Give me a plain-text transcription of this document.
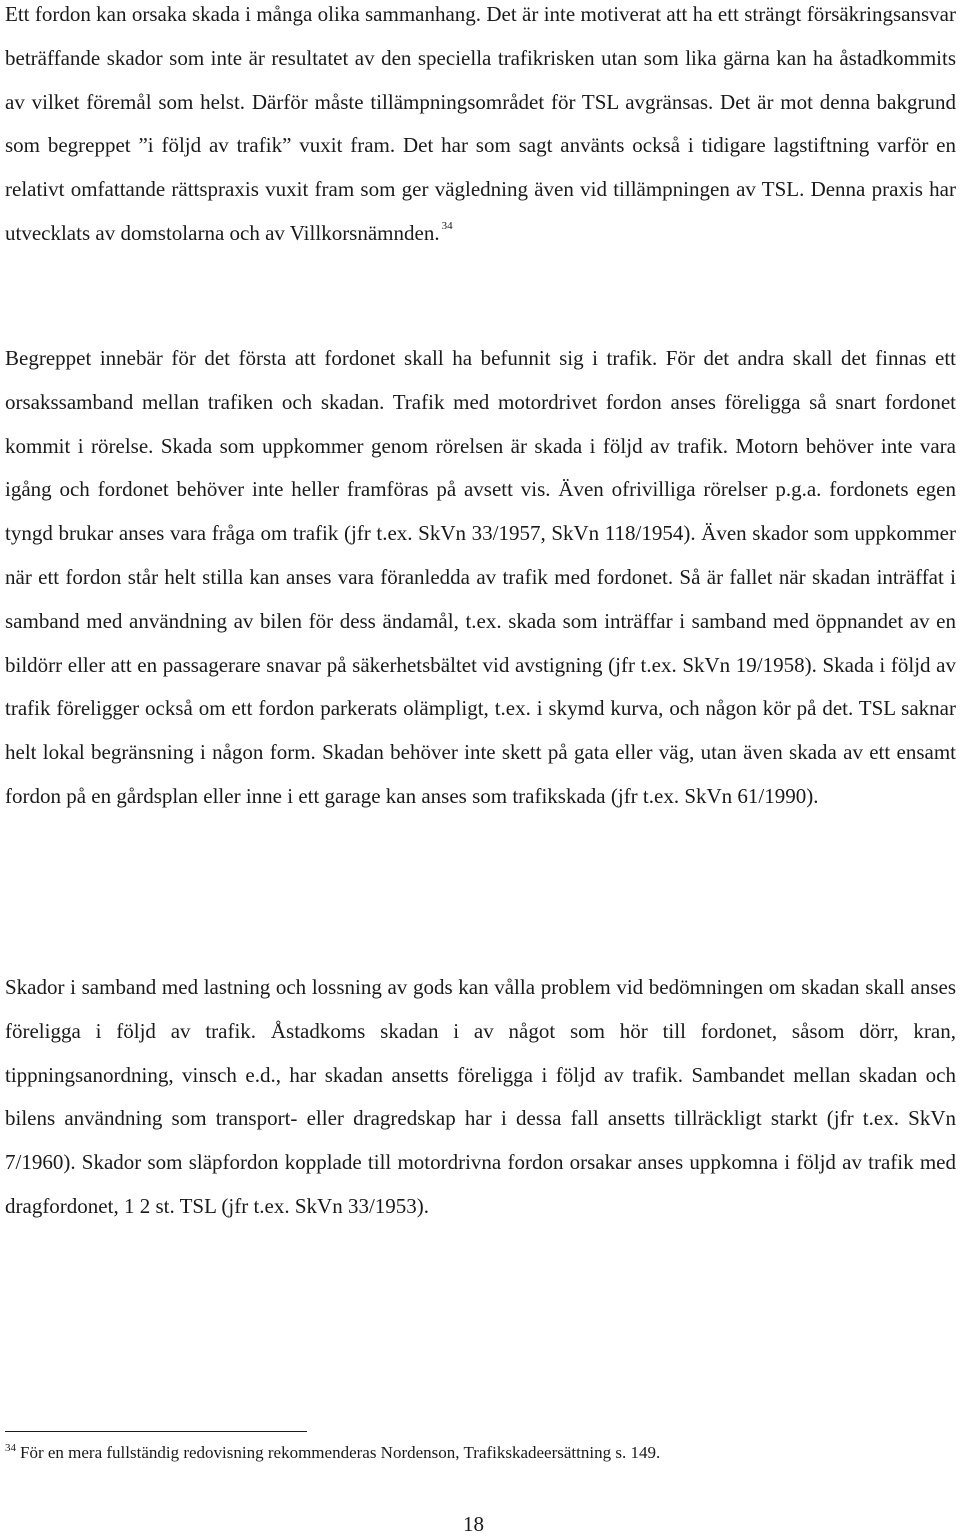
Ett fordon kan orsaka skada i många olika sammanhang. Det är inte motiverat att ha ett strängt försäkringsansvar beträffande skador som inte är resultatet av den speciella trafikrisken utan som lika gärna kan ha åstadkommits av vilket föremål som helst. Därför måste tillämpningsområdet för TSL avgränsas. Det är mot denna bakgrund som begreppet ”i följd av trafik” vuxit fram. Det har som sagt använts också i tidigare lagstiftning varför en relativt omfattande rättspraxis vuxit fram som ger vägledning även vid tillämpningen av TSL. Denna praxis har utvecklats av domstolarna och av Villkorsnämnden. $^{34}$

Begreppet innebär för det första att fordonet skall ha befunnit sig i trafik. För det andra skall det finnas ett orsakssamband mellan trafiken och skadan. Trafik med motordrivet fordon anses föreligga så snart fordonet kommit i rörelse. Skada som uppkommer genom rörelsen är skada i följd av trafik. Motorn behöver inte vara igång och fordonet behöver inte heller framföras på avsett vis. Även ofrivilliga rörelser p.g.a. fordonets egen tyngd brukar anses vara fråga om trafik (jfr t.ex. SkVn 33/1957, SkVn 118/1954). Även skador som uppkommer när ett fordon står helt stilla kan anses vara föranledda av trafik med fordonet. Så är fallet när skadan inträffat i samband med användning av bilen för dess ändamål, t.ex. skada som inträffar i samband med öppnandet av en bildörr eller att en passagerare snavar på säkerhetsbältet vid avstigning (jfr t.ex. SkVn 19/1958). Skada i följd av trafik föreligger också om ett fordon parkerats olämpligt, t.ex. i skymd kurva, och någon kör på det. TSL saknar helt lokal begränsning i någon form. Skadan behöver inte skett på gata eller väg, utan även skada av ett ensamt fordon på en gårdsplan eller inne i ett garage kan anses som trafikskada (jfr t.ex. SkVn 61/1990).

Skador i samband med lastning och lossning av gods kan vålla problem vid bedömningen om skadan skall anses föreligga i följd av trafik. Åstadkoms skadan i av något som hör till fordonet, såsom dörr, kran, tippningsanordning, vinsch e.d., har skadan ansetts föreligga i följd av trafik. Sambandet mellan skadan och bilens användning som transport- eller dragredskap har i dessa fall ansetts tillräckligt starkt (jfr t.ex. SkVn 7/1960). Skador som släpfordon kopplade till motordrivna fordon orsakar anses uppkomna i följd av trafik med dragfordonet, 1 2 st. TSL (jfr t.ex. SkVn 33/1953).

$^{34}$ För en mera fullständig redovisning rekommenderas Nordenson, Trafikskadeersättning s. 149.

18
